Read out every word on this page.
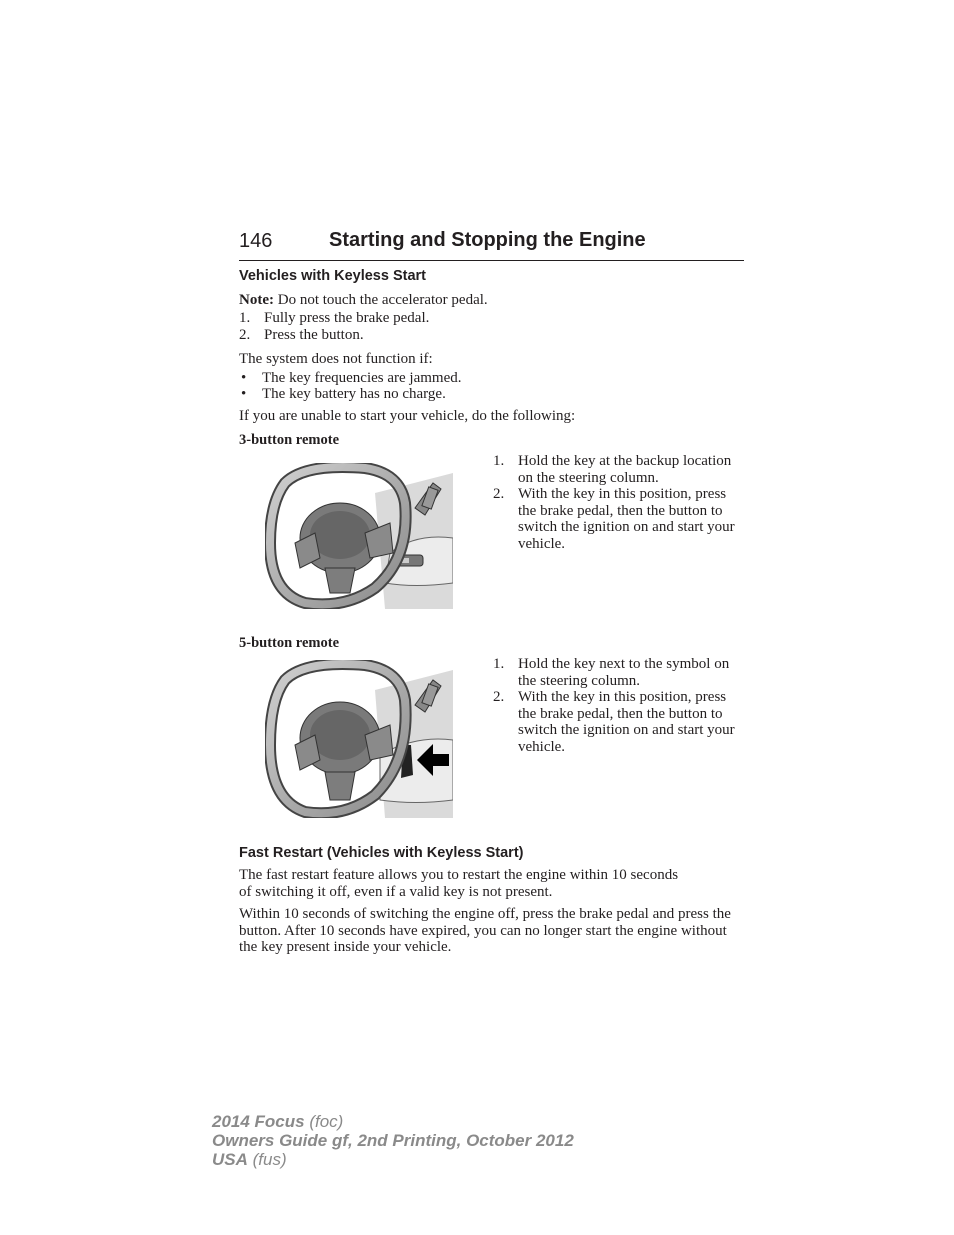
146	Starting and Stopping the Engine
Vehicles with Keyless Start
Note: Do not touch the accelerator pedal.
1. Fully press the brake pedal.
2. Press the button.
The system does not function if:
• The key frequencies are jammed.
• The key battery has no charge.
If you are unable to start your vehicle, do the following:
3-button remote
1. Hold the key at the backup location on the steering column.
2. With the key in this position, press the brake pedal, then the button to switch the ignition on and start your vehicle.
5-button remote
1. Hold the key next to the symbol on the steering column.
2. With the key in this position, press the brake pedal, then the button to switch the ignition on and start your vehicle.
Fast Restart (Vehicles with Keyless Start)
The fast restart feature allows you to restart the engine within 10 seconds of switching it off, even if a valid key is not present.
Within 10 seconds of switching the engine off, press the brake pedal and press the button. After 10 seconds have expired, you can no longer start the engine without the key present inside your vehicle.
2014 Focus (foc)
Owners Guide gf, 2nd Printing, October 2012
USA (fus)
